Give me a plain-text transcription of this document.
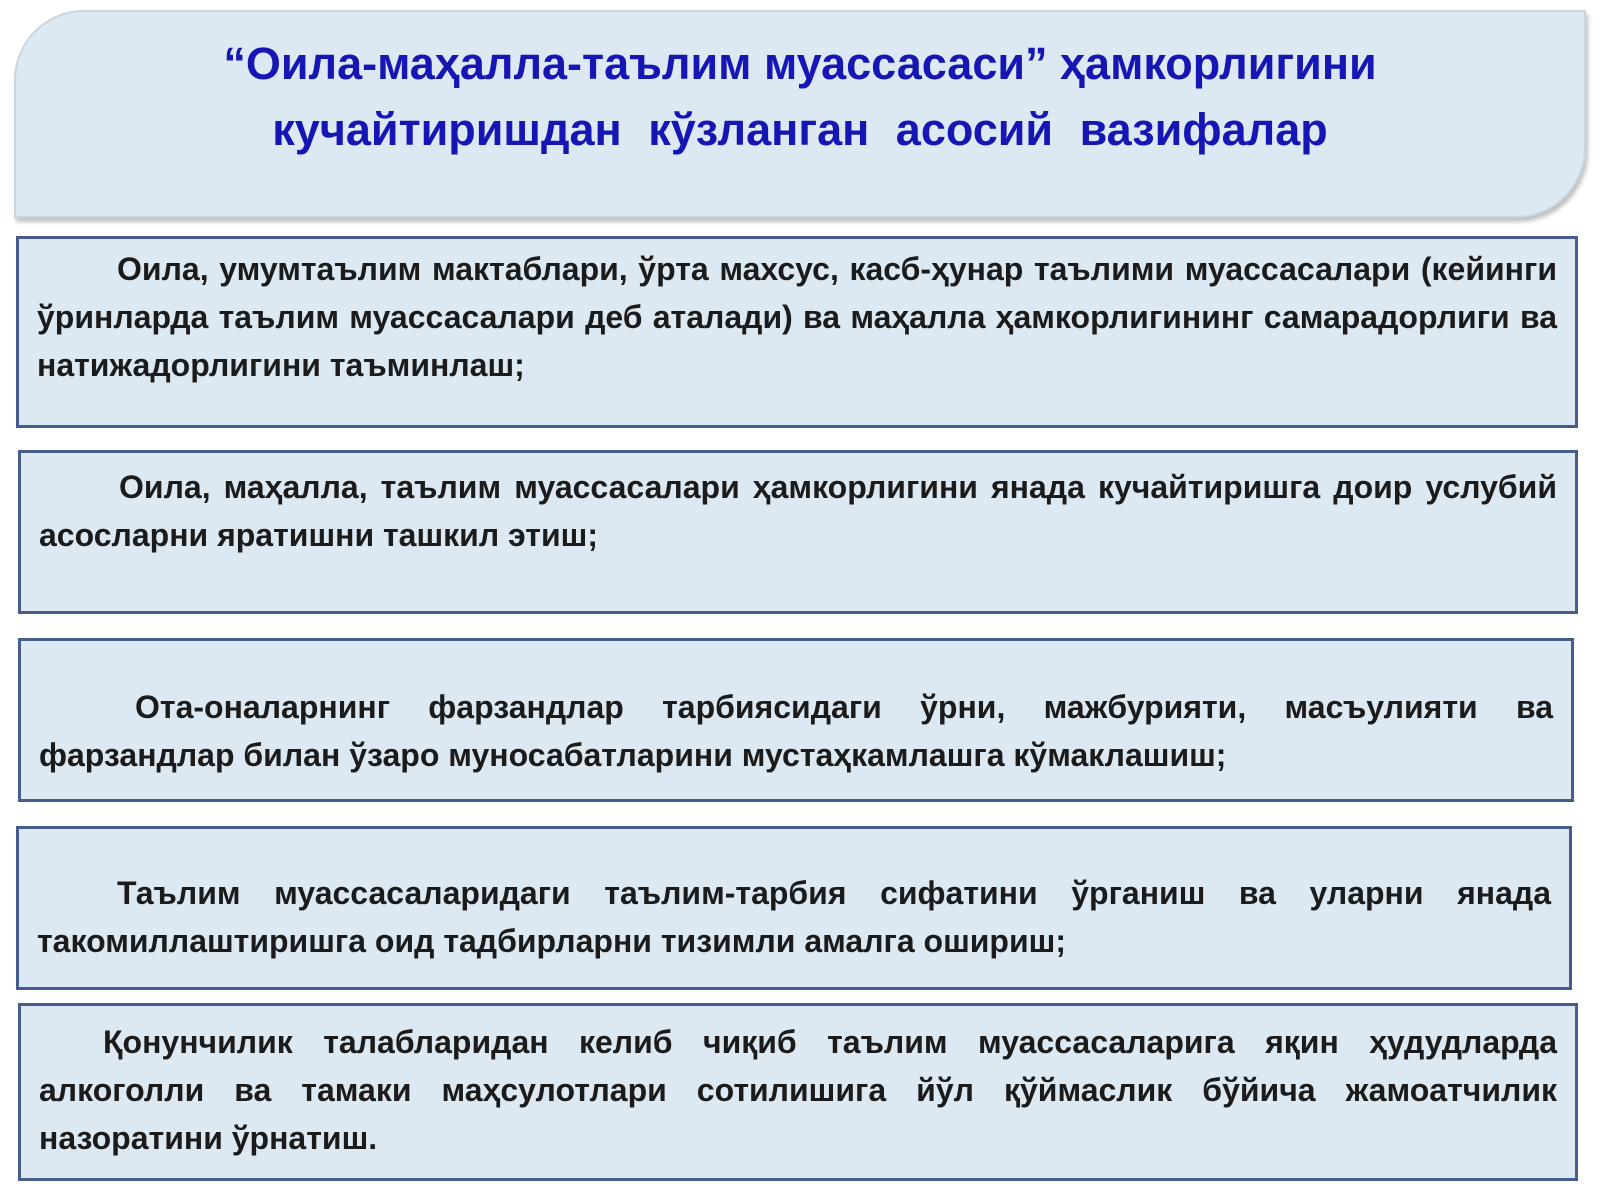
“Оила-маҳалла-таълим муассасаси” ҳамкорлигини
кучайтиришдан кўзланган асосий вазифалар

Оила, умумтаълим мактаблари, ўрта махсус, касб-ҳунар таълими муассасалари (кейинги ўринларда таълим муассасалари деб аталади) ва маҳалла ҳамкорлигининг самарадорлиги ва натижадорлигини таъминлаш;

Оила, маҳалла, таълим муассасалари ҳамкорлигини янада кучайтиришга доир услубий асосларни яратишни ташкил этиш;

Ота-оналарнинг фарзандлар тарбиясидаги ўрни, мажбурияти, масъулияти ва фарзандлар билан ўзаро муносабатларини мустаҳкамлашга кўмаклашиш;

Таълим муассасаларидаги таълим-тарбия сифатини ўрганиш ва уларни янада такомиллаштиришга оид тадбирларни тизимли амалга ошириш;

Қонунчилик талабларидан келиб чиқиб таълим муассасаларига яқин ҳудудларда алкоголли ва тамаки маҳсулотлари сотилишига йўл қўймаслик бўйича жамоатчилик назоратини ўрнатиш.
